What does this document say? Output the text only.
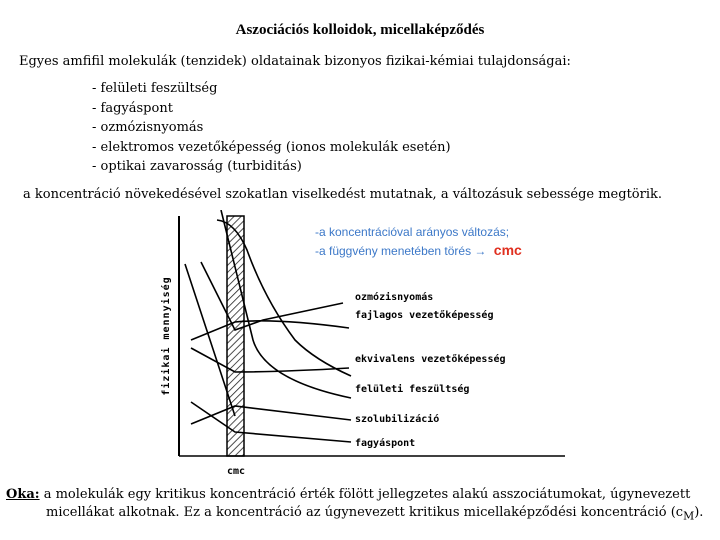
Aszociációs kolloidok, micellaképződés
Egyes amfifil molekulák (tenzidek) oldatainak bizonyos fizikai-kémiai tulajdonságai:
- felületi feszültség
- fagyáspont
- ozmózisnyomás
- elektromos vezetőképesség (ionos molekulák esetén)
- optikai zavarosság (turbiditás)
a koncentráció növekedésével szokatlan viselkedést mutatnak, a változásuk sebessége megtörik.
fizikai mennyiség
cmc
-a koncentrációval arányos változás;
-a függvény menetében törés → cmc
ozmózisnyomás
fajlagos vezetőképesség
ekvivalens vezetőképesség
felületi feszültség
szolubilizáció
fagyáspont
Oka: a molekulák egy kritikus koncentráció érték fölött jellegzetes alakú asszociátumokat, úgynevezett
micellákat alkotnak. Ez a koncentráció az úgynevezett kritikus micellaképződési koncentráció $(c_M)$.
